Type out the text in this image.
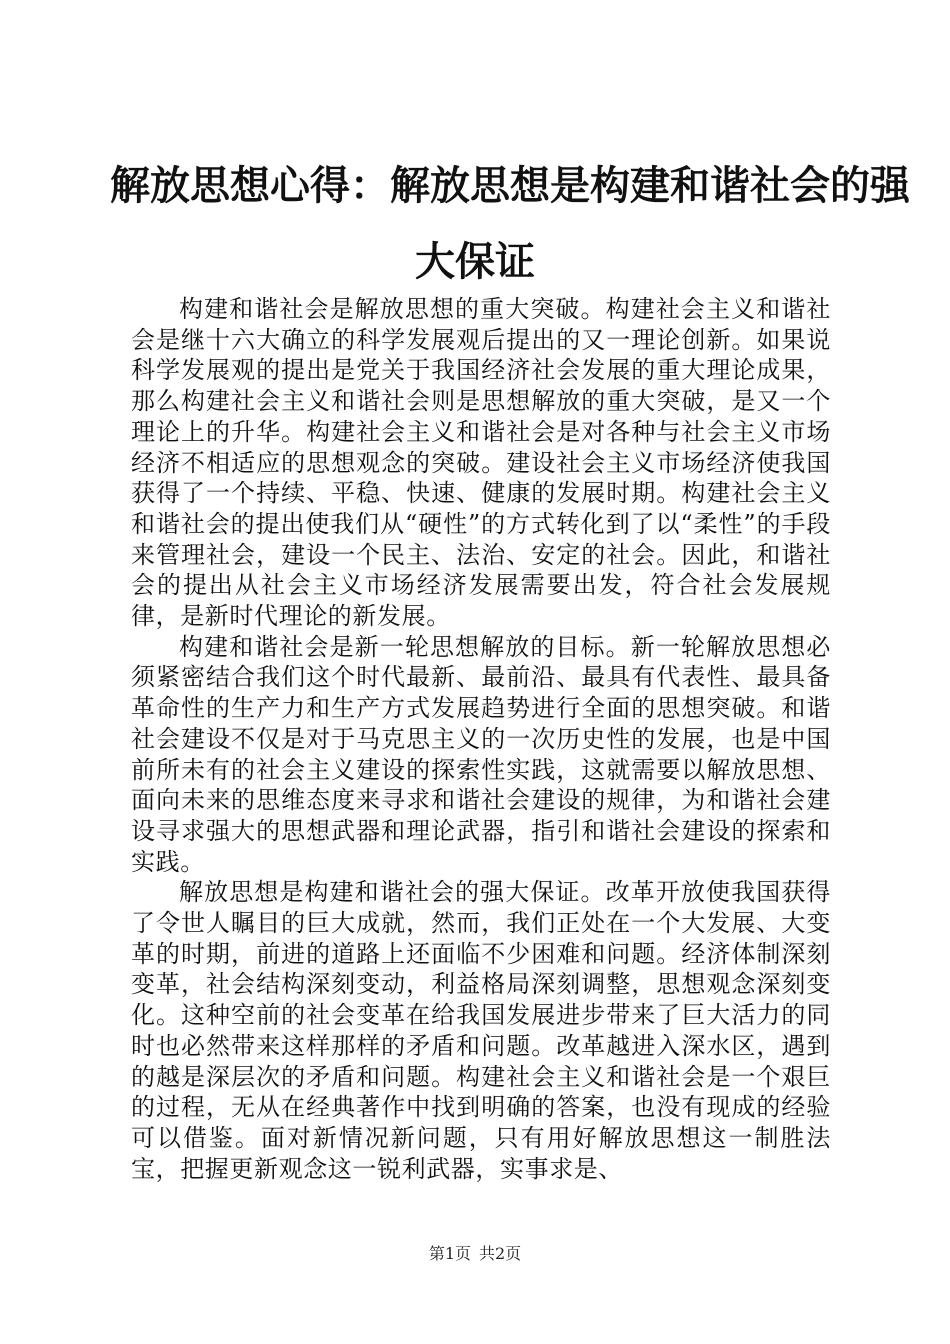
解放思想心得：解放思想是构建和谐社会的强
大保证

构建和谐社会是解放思想的重大突破。构建社会主义和谐社会是继十六大确立的科学发展观后提出的又一理论创新。如果说科学发展观的提出是党关于我国经济社会发展的重大理论成果，那么构建社会主义和谐社会则是思想解放的重大突破，是又一个理论上的升华。构建社会主义和谐社会是对各种与社会主义市场经济不相适应的思想观念的突破。建设社会主义市场经济使我国获得了一个持续、平稳、快速、健康的发展时期。构建社会主义和谐社会的提出使我们从“硬性”的方式转化到了以“柔性”的手段来管理社会，建设一个民主、法治、安定的社会。因此，和谐社会的提出从社会主义市场经济发展需要出发，符合社会发展规律，是新时代理论的新发展。

构建和谐社会是新一轮思想解放的目标。新一轮解放思想必须紧密结合我们这个时代最新、最前沿、最具有代表性、最具备革命性的生产力和生产方式发展趋势进行全面的思想突破。和谐社会建设不仅是对于马克思主义的一次历史性的发展，也是中国前所未有的社会主义建设的探索性实践，这就需要以解放思想、面向未来的思维态度来寻求和谐社会建设的规律，为和谐社会建设寻求强大的思想武器和理论武器，指引和谐社会建设的探索和实践。

解放思想是构建和谐社会的强大保证。改革开放使我国获得了令世人瞩目的巨大成就，然而，我们正处在一个大发展、大变革的时期，前进的道路上还面临不少困难和问题。经济体制深刻变革，社会结构深刻变动，利益格局深刻调整，思想观念深刻变化。这种空前的社会变革在给我国发展进步带来了巨大活力的同时也必然带来这样那样的矛盾和问题。改革越进入深水区，遇到的越是深层次的矛盾和问题。构建社会主义和谐社会是一个艰巨的过程，无从在经典著作中找到明确的答案，也没有现成的经验可以借鉴。面对新情况新问题，只有用好解放思想这一制胜法宝，把握更新观念这一锐利武器，实事求是、

第1页 共2页
